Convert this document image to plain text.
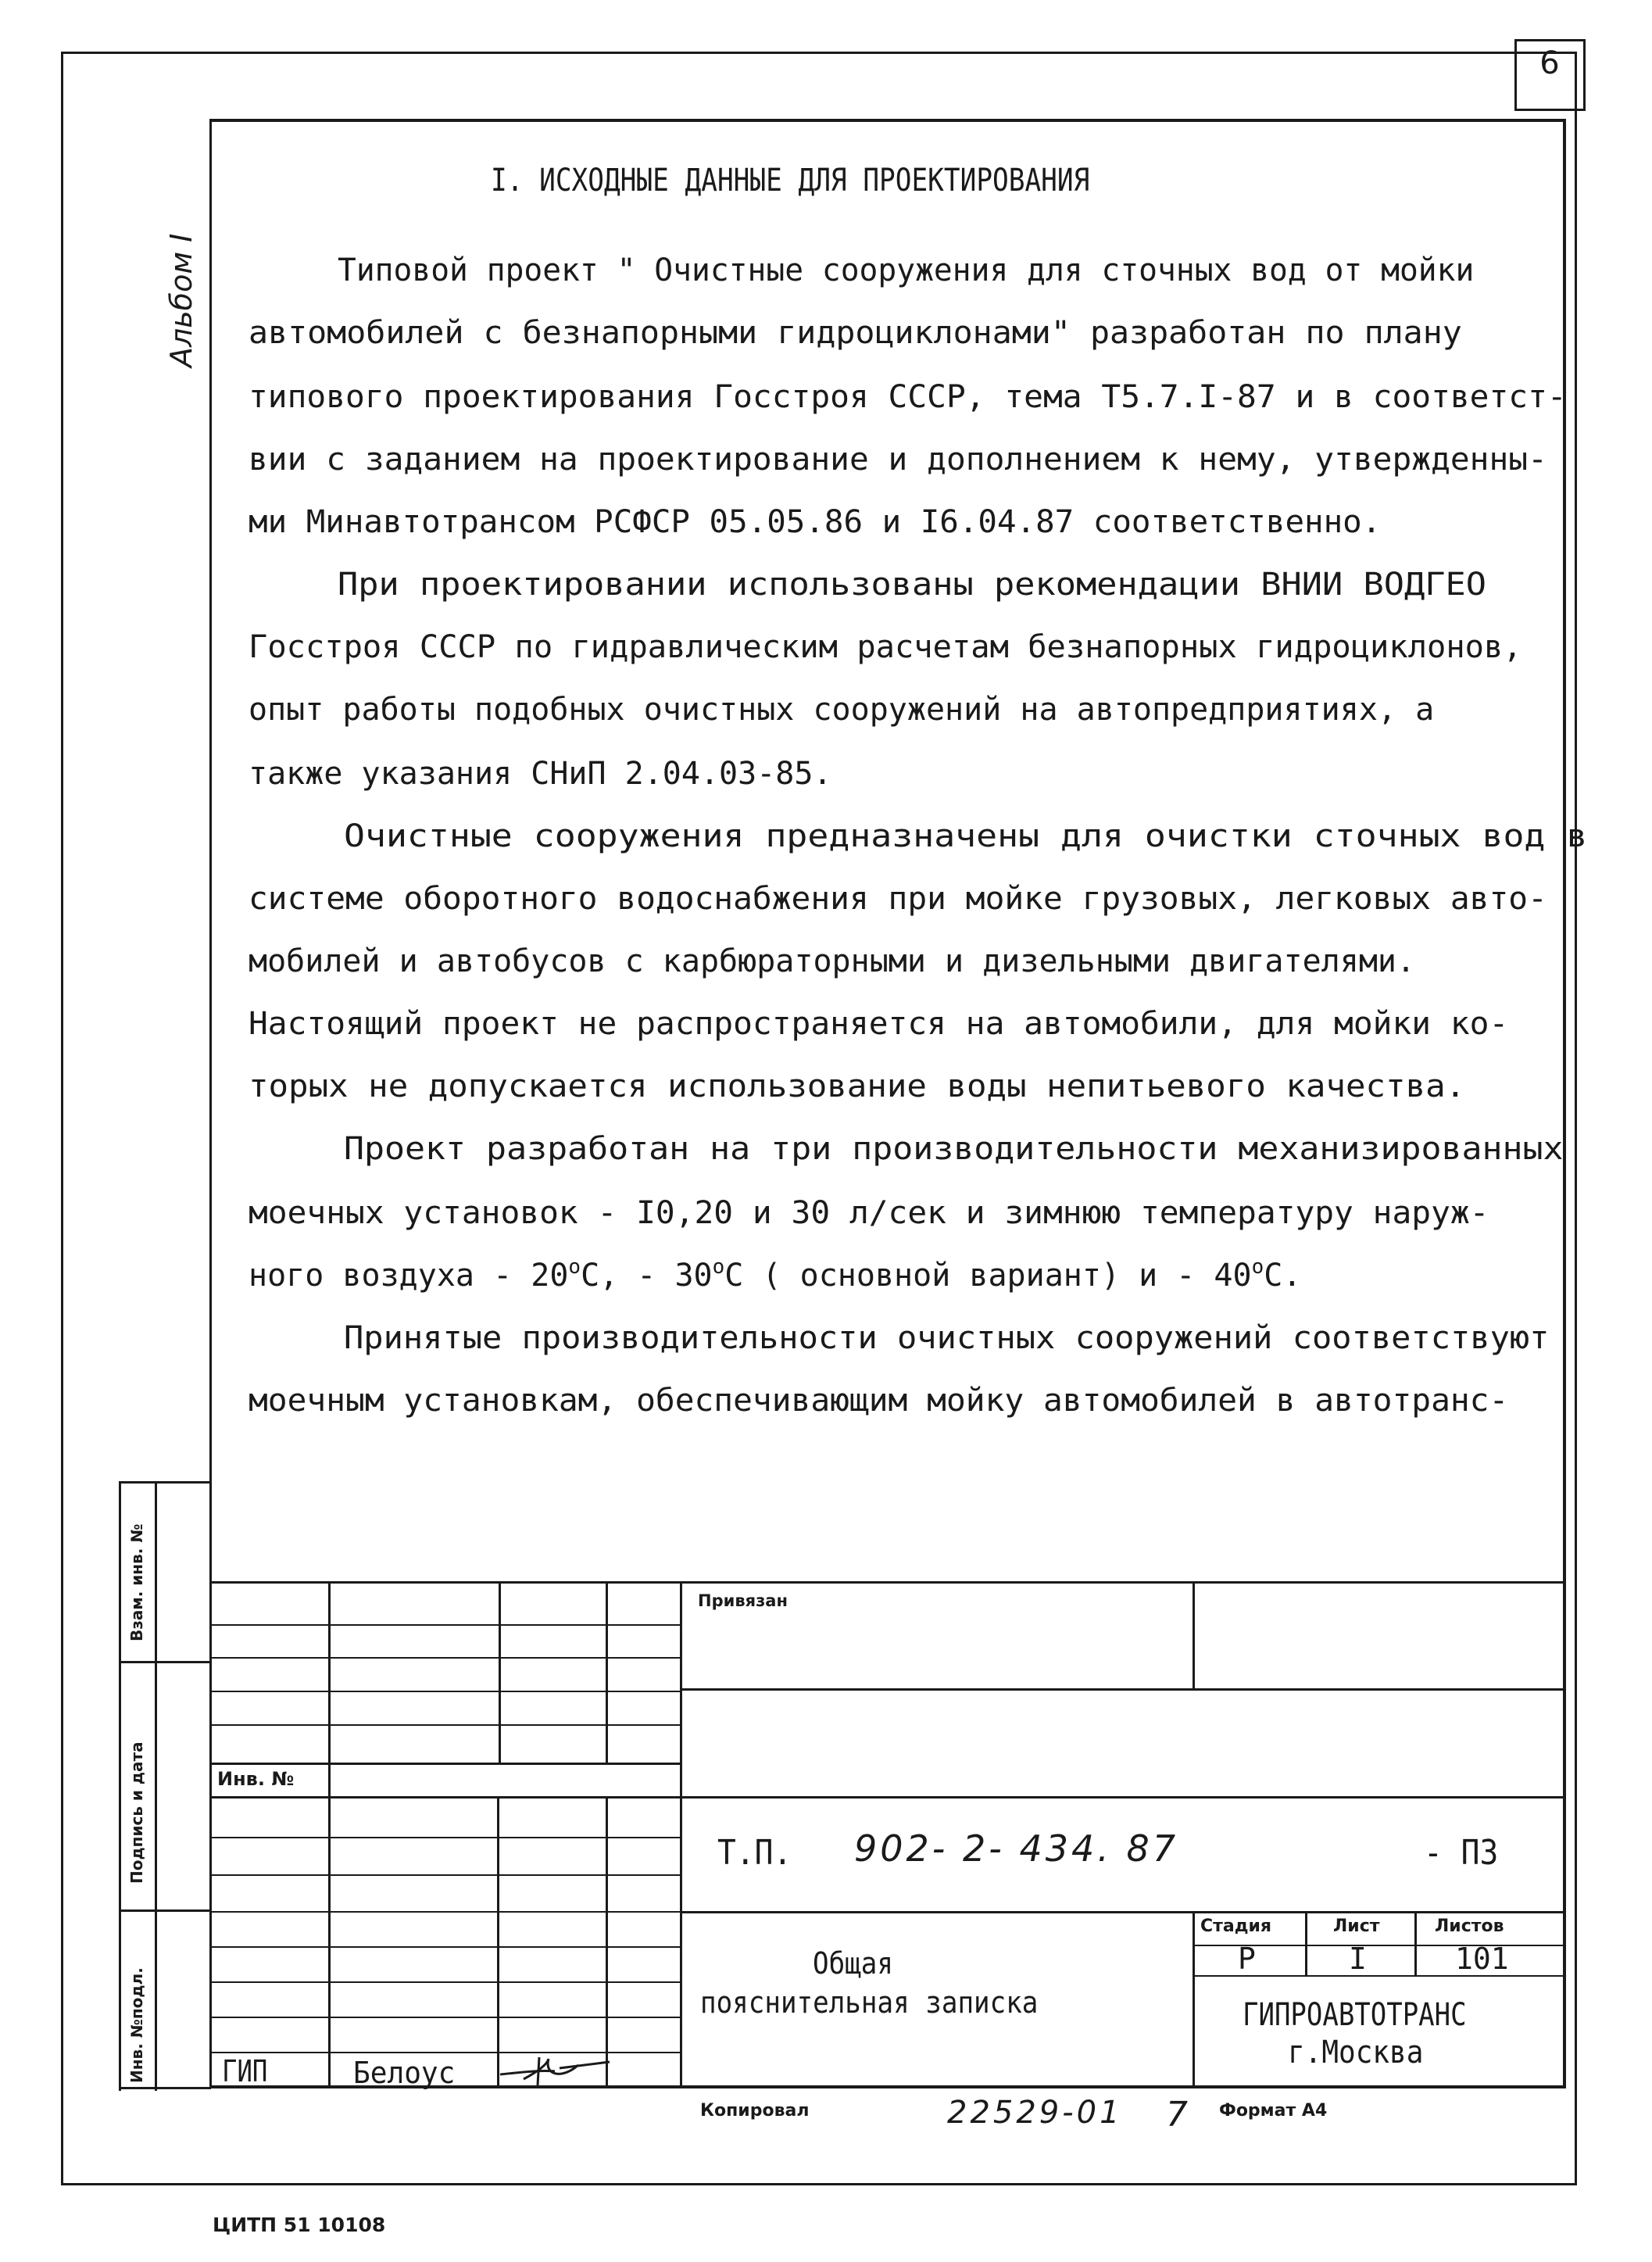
6
Альбом I
I. ИСХОДНЫЕ ДАННЫЕ ДЛЯ ПРОЕКТИРОВАНИЯ
Типовой проект " Очистные сооружения для сточных вод от мойки
автомобилей с безнапорными гидроциклонами" разработан по плану
типового проектирования Госстроя СССР, тема Т5.7.I-87 и в соответст-
вии с заданием на проектирование и дополнением к нему, утвержденны-
ми Минавтотрансом РСФСР 05.05.86 и I6.04.87 соответственно.
При проектировании использованы рекомендации ВНИИ ВОДГЕО
Госстроя СССР по гидравлическим расчетам безнапорных гидроциклонов,
опыт работы подобных очистных сооружений на автопредприятиях, а
также указания СНиП 2.04.03-85.
Очистные сооружения предназначены для очистки сточных вод в
системе оборотного водоснабжения при мойке грузовых, легковых авто-
мобилей и автобусов с карбюраторными и дизельными двигателями.
Настоящий проект не распространяется на автомобили, для мойки ко-
торых не допускается использование воды непитьевого качества.
Проект разработан на три производительности механизированных
моечных установок - I0,20 и 30 л/сек и зимнюю температуру наруж-
ного воздуха - 20$^o$C, - 30$^o$C ( основной вариант) и - 40$^o$C.
Принятые производительности очистных сооружений соответствуют
моечным установкам, обеспечивающим мойку автомобилей в автотранс-
Взам. инв. №
Подпись и дата
Инв. №подл.
Привязан
Инв. №
ГИП	Белоус
Т.П. 902- 2- 434. 87	- ПЗ
Общая
пояснительная записка
Стадия	Лист	Листов
Р	I	101
ГИПРОАВТОТРАНС
г.Москва
Копировал	22529-01 7 Формат А4
ЦИТП 51 10108
